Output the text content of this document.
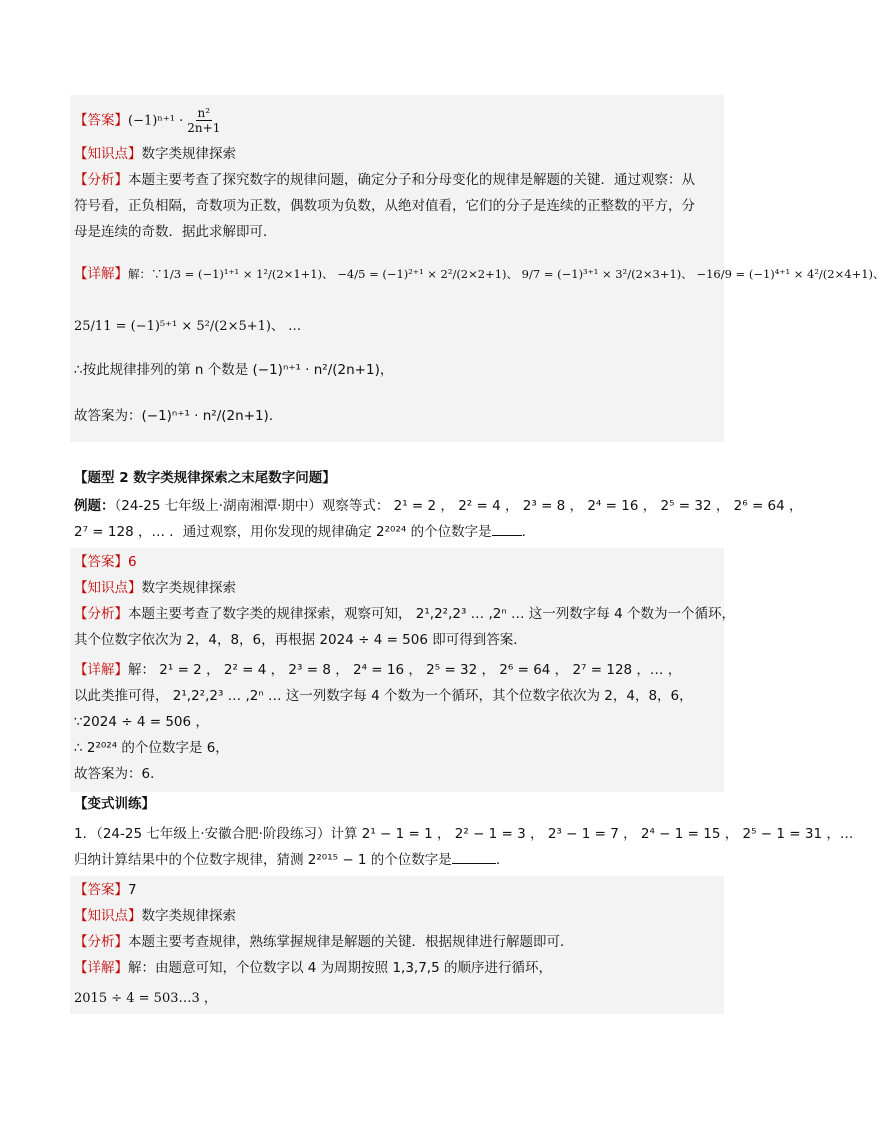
【答案】$(-1)^{n+1} \cdot \frac{\text{n²}}{2n+1}$
【知识点】数字类规律探索
【分析】本题主要考查了探究数字的规律问题，确定分子和分母变化的规律是解题的关键．通过观察：从
符号看，正负相隔，奇数项为正数，偶数项为负数，从绝对值看，它们的分子是连续的正整数的平方，分
母是连续的奇数．据此求解即可．
【详解】解：∵1/3 = (−1)¹⁺¹ × 1²/(2×1+1)、 −4/5 = (−1)²⁺¹ × 2²/(2×2+1)、 9/7 = (−1)³⁺¹ × 3²/(2×3+1)、 −16/9 = (−1)⁴⁺¹ × 4²/(2×4+1)、
25/11 = (−1)⁵⁺¹ × 5²/(2×5+1)、 …
∴按此规律排列的第 n 个数是 (−1)ⁿ⁺¹ · n²/(2n+1)，
故答案为：(−1)ⁿ⁺¹ · n²/(2n+1)．
【题型 2 数字类规律探索之末尾数字问题】
例题：（24-25 七年级上·湖南湘潭·期中）观察等式： 2¹ = 2 ， 2² = 4 ， 2³ = 8 ， 2⁴ = 16 ， 2⁵ = 32 ， 2⁶ = 64 ，
2⁷ = 128 ，… ．通过观察，用你发现的规律确定 2²⁰²⁴ 的个位数字是 ．
【答案】6
【知识点】数字类规律探索
【分析】本题主要考查了数字类的规律探索，观察可知， 2¹,2²,2³ … ,2ⁿ … 这一列数字每 4 个数为一个循环，
其个位数字依次为 2，4，8，6，再根据 2024 ÷ 4 = 506 即可得到答案．
【详解】解： 2¹ = 2 ， 2² = 4 ， 2³ = 8 ， 2⁴ = 16 ， 2⁵ = 32 ， 2⁶ = 64 ， 2⁷ = 128 ，… ，
以此类推可得， 2¹,2²,2³ … ,2ⁿ … 这一列数字每 4 个数为一个循环，其个位数字依次为 2，4，8，6，
∵2024 ÷ 4 = 506 ，
∴ 2²⁰²⁴ 的个位数字是 6，
故答案为：6．
【变式训练】
1．（24-25 七年级上·安徽合肥·阶段练习）计算 2¹ − 1 = 1 ， 2² − 1 = 3 ， 2³ − 1 = 7 ， 2⁴ − 1 = 15 ， 2⁵ − 1 = 31 ，…
归纳计算结果中的个位数字规律，猜测 2²⁰¹⁵ − 1 的个位数字是	．
【答案】7
【知识点】数字类规律探索
【分析】本题主要考查规律，熟练掌握规律是解题的关键．根据规律进行解题即可．
【详解】解：由题意可知，个位数字以 4 为周期按照 1,3,7,5 的顺序进行循环，
2015 ÷ 4 = 503…3 ，
